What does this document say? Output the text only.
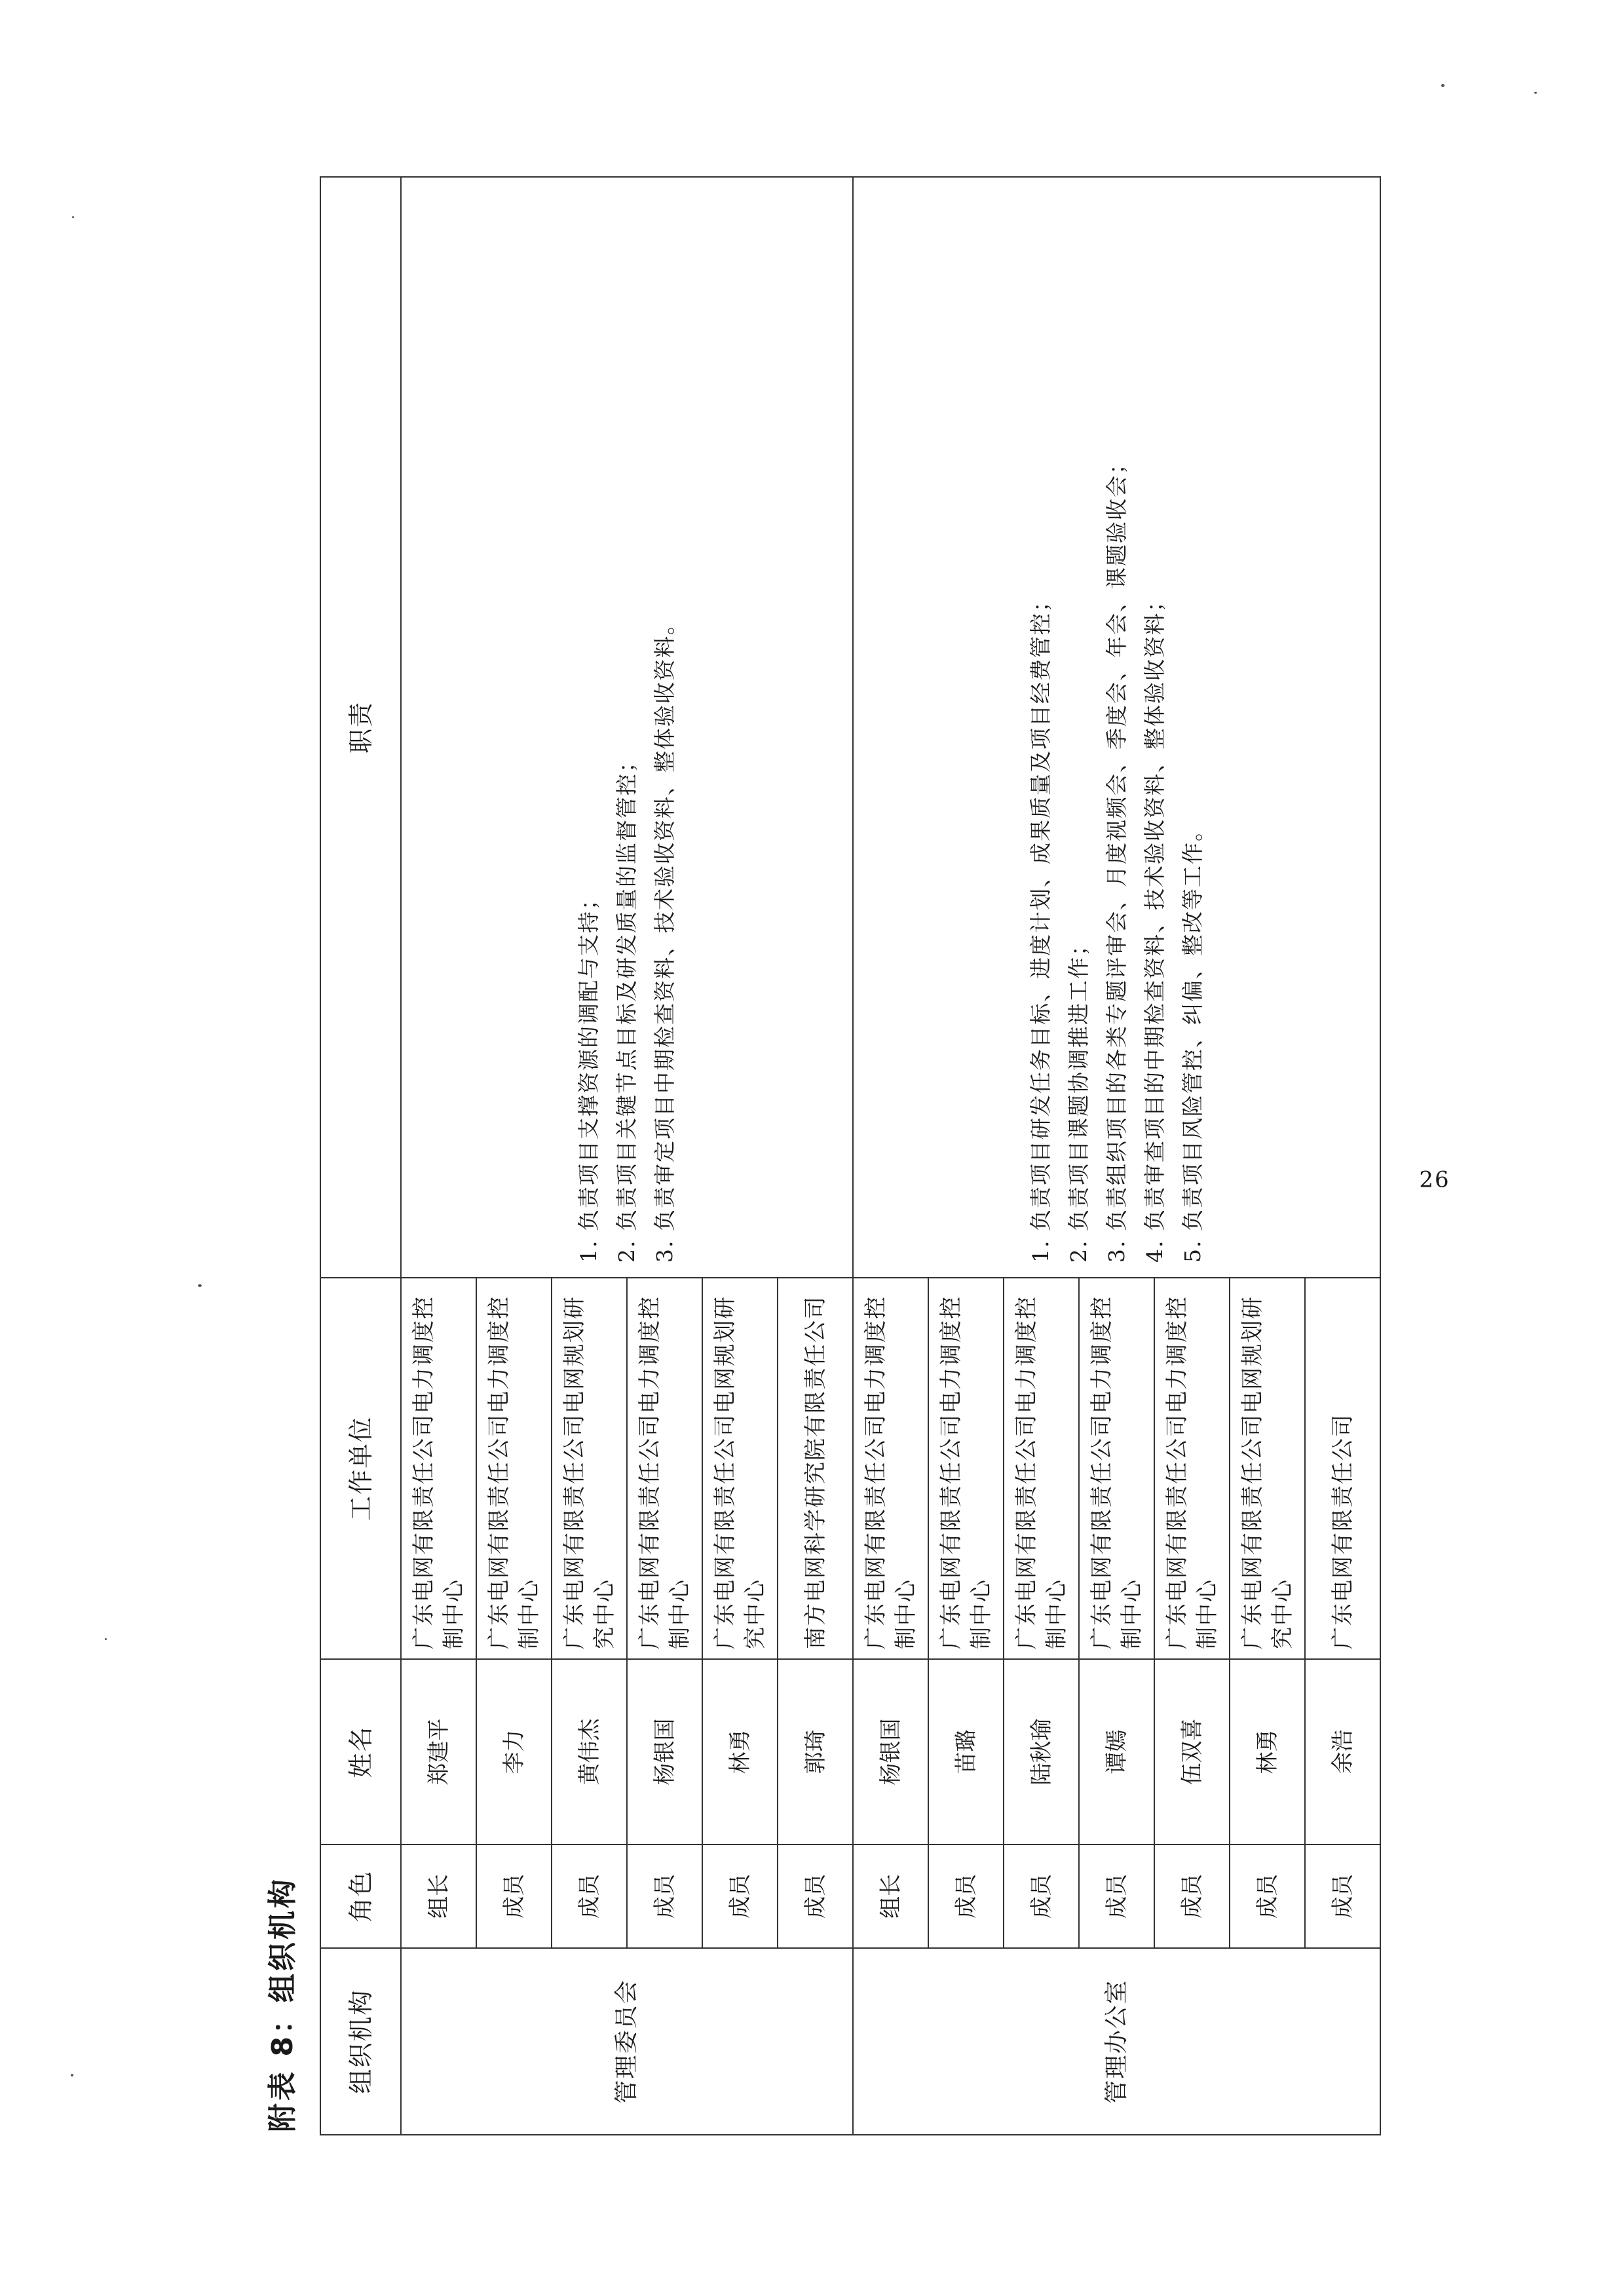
附表 8：组织机构 组织机构	角色	姓名	工作单位	职责
管理委员会	组长	郑建平	广东电网有限责任公司电力调度控制中心	1. 负责项目支撑资源的调配与支持； 2. 负责项目关键节点目标及研发质量的监督管控； 3. 负责审定项目中期检查资料、技术验收资料、整体验收资料。

	成员	李力	广东电网有限责任公司电力调度控制中心	
	成员	黄伟杰	广东电网有限责任公司电网规划研究中心	
	成员	杨银国	广东电网有限责任公司电力调度控制中心	
	成员	林勇	广东电网有限责任公司电网规划研究中心	
	成员	郭琦	南方电网科学研究院有限责任公司	
管理办公室	组长	杨银国	广东电网有限责任公司电力调度控制中心	1. 负责项目研发任务目标、进度计划、成果质量及项目经费管控； 2. 负责项目课题协调推进工作； 3. 负责组织项目的各类专题评审会、月度视频会、季度会、年会、课题验收会； 4. 负责审查项目的中期检查资料、技术验收资料、整体验收资料； 5. 负责项目风险管控、纠偏、整改等工作。

	成员	苗璐	广东电网有限责任公司电力调度控制中心	
	成员	陆秋瑜	广东电网有限责任公司电力调度控制中心	
	成员	谭嫣	广东电网有限责任公司电力调度控制中心	
	成员	伍双喜	广东电网有限责任公司电力调度控制中心	
	成员	林勇	广东电网有限责任公司电网规划研究中心	
	成员	余浩	广东电网有限责任公司	
26
